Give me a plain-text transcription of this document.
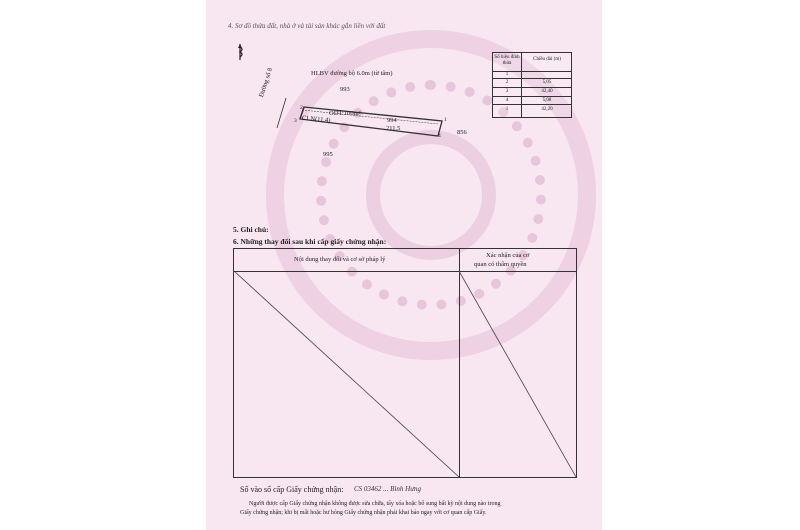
4. Sơ đồ thửa đất, nhà ở và tài sản khác gắn liền với đất
HLBV đường bộ 6.0m (từ tâm)
993
Đường số 8
ODT:100m²
CLN(11,4)	994
211,5
856
995
2
3
4
1
Số hiệu đỉnh thửa
Chiều dài (m)
1
2	5,05
3	42,40
4	5,08
1	42,20
5. Ghi chú:
6. Những thay đổi sau khi cấp giấy chứng nhận:
Nội dung thay đổi và cơ sở pháp lý
Xác nhận của cơ
quan có thẩm quyền
Số vào sổ cấp Giấy chứng nhận: CS 03462 ... Bình Hưng
Người được cấp Giấy chứng nhận không được sửa chữa, tẩy xóa hoặc bổ sung bất kỳ nội dung nào trong
Giấy chứng nhận; khi bị mất hoặc hư hỏng Giấy chứng nhận phải khai báo ngay với cơ quan cấp Giấy.
